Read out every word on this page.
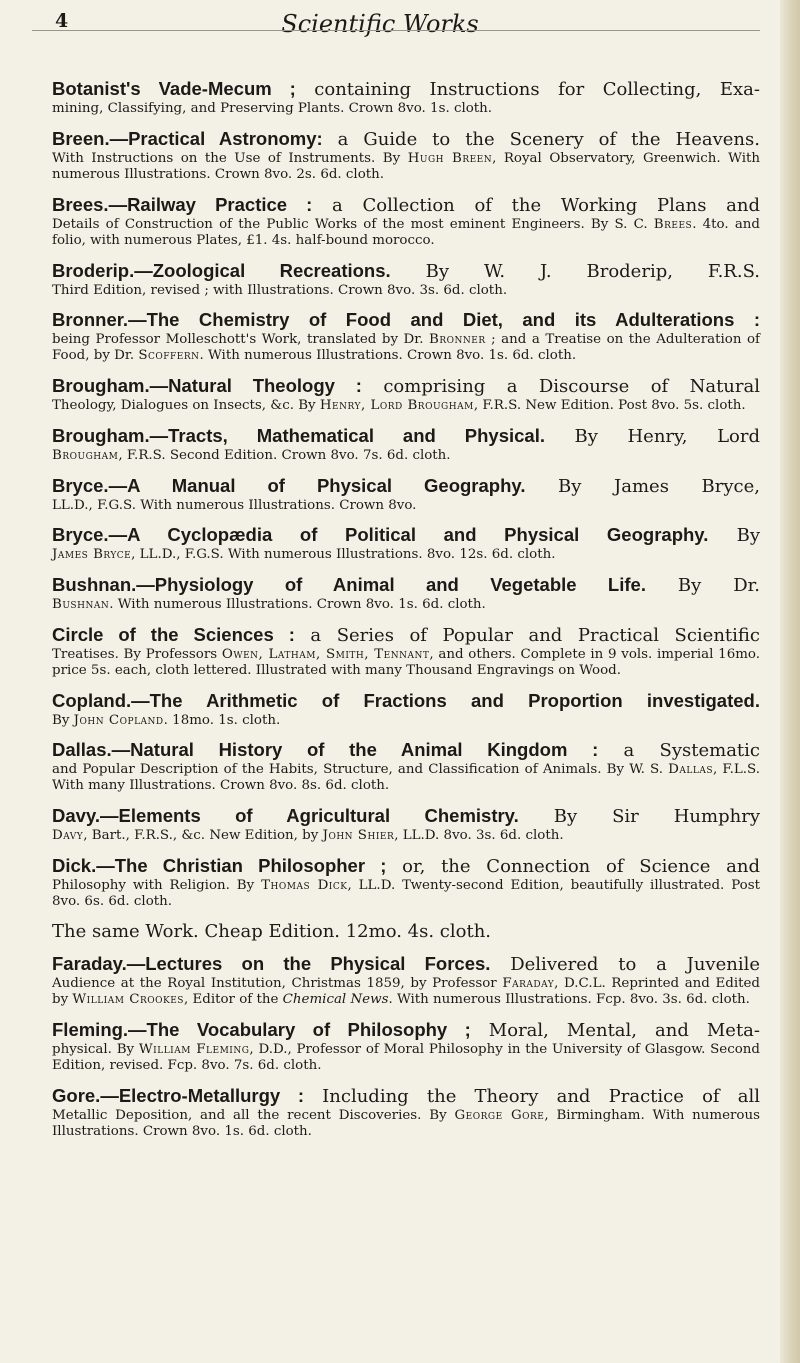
4	Scientific Works
Botanist's Vade-Mecum ; containing Instructions for Collecting, Exa-
mining, Classifying, and Preserving Plants. Crown 8vo. 1s. cloth.
Breen.—Practical Astronomy: a Guide to the Scenery of the Heavens.
With Instructions on the Use of Instruments. By Hugh Breen, Royal Observatory, Greenwich. With numerous Illustrations. Crown 8vo. 2s. 6d. cloth.
Brees.—Railway Practice : a Collection of the Working Plans and
Details of Construction of the Public Works of the most eminent Engineers. By S. C. Brees. 4to. and folio, with numerous Plates, £1. 4s. half-bound morocco.
Broderip.—Zoological Recreations. By W. J. Broderip, F.R.S.
Third Edition, revised ; with Illustrations. Crown 8vo. 3s. 6d. cloth.
Bronner.—The Chemistry of Food and Diet, and its Adulterations :
being Professor Molleschott's Work, translated by Dr. Bronner ; and a Treatise on the Adulteration of Food, by Dr. Scoffern. With numerous Illustrations. Crown 8vo. 1s. 6d. cloth.
Brougham.—Natural Theology : comprising a Discourse of Natural
Theology, Dialogues on Insects, &c. By Henry, Lord Brougham, F.R.S. New Edition. Post 8vo. 5s. cloth.
Brougham.—Tracts, Mathematical and Physical. By Henry, Lord
Brougham, F.R.S. Second Edition. Crown 8vo. 7s. 6d. cloth.
Bryce.—A Manual of Physical Geography. By James Bryce,
LL.D., F.G.S. With numerous Illustrations. Crown 8vo.
Bryce.—A Cyclopædia of Political and Physical Geography. By
James Bryce, LL.D., F.G.S. With numerous Illustrations. 8vo. 12s. 6d. cloth.
Bushnan.—Physiology of Animal and Vegetable Life. By Dr.
Bushnan. With numerous Illustrations. Crown 8vo. 1s. 6d. cloth.
Circle of the Sciences : a Series of Popular and Practical Scientific
Treatises. By Professors Owen, Latham, Smith, Tennant, and others. Complete in 9 vols. imperial 16mo. price 5s. each, cloth lettered. Illustrated with many Thousand Engravings on Wood.
Copland.—The Arithmetic of Fractions and Proportion investigated.
By John Copland. 18mo. 1s. cloth.
Dallas.—Natural History of the Animal Kingdom : a Systematic
and Popular Description of the Habits, Structure, and Classification of Animals. By W. S. Dallas, F.L.S. With many Illustrations. Crown 8vo. 8s. 6d. cloth.
Davy.—Elements of Agricultural Chemistry. By Sir Humphry
Davy, Bart., F.R.S., &c. New Edition, by John Shier, LL.D. 8vo. 3s. 6d. cloth.
Dick.—The Christian Philosopher ; or, the Connection of Science and
Philosophy with Religion. By Thomas Dick, LL.D. Twenty-second Edition, beautifully illustrated. Post 8vo. 6s. 6d. cloth.
The same Work. Cheap Edition. 12mo. 4s. cloth.
Faraday.—Lectures on the Physical Forces. Delivered to a Juvenile
Audience at the Royal Institution, Christmas 1859, by Professor Faraday, D.C.L. Reprinted and Edited by William Crookes, Editor of the Chemical News. With numerous Illustrations. Fcp. 8vo. 3s. 6d. cloth.
Fleming.—The Vocabulary of Philosophy ; Moral, Mental, and Meta-
physical. By William Fleming, D.D., Professor of Moral Philosophy in the University of Glasgow. Second Edition, revised. Fcp. 8vo. 7s. 6d. cloth.
Gore.—Electro-Metallurgy : Including the Theory and Practice of all
Metallic Deposition, and all the recent Discoveries. By George Gore, Birmingham. With numerous Illustrations. Crown 8vo. 1s. 6d. cloth.
